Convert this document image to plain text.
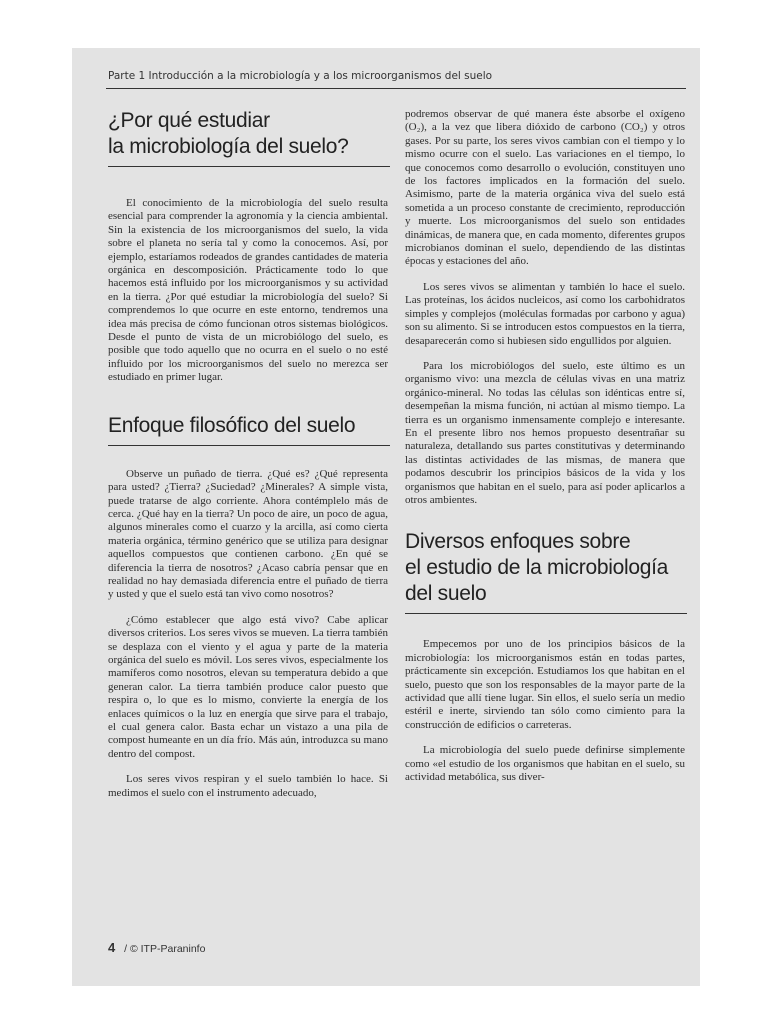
Parte 1 Introducción a la microbiología y a los microorganismos del suelo
¿Por qué estudiar
la microbiología del suelo?

El conocimiento de la microbiología del suelo resulta esencial para comprender la agronomía y la ciencia ambiental. Sin la existencia de los microorganismos del suelo, la vida sobre el planeta no sería tal y como la conocemos. Así, por ejemplo, estaríamos rodeados de grandes cantidades de materia orgánica en descomposición. Prácticamente todo lo que hacemos está influido por los microorganismos y su actividad en la tierra. ¿Por qué estudiar la microbiología del suelo? Si comprendemos lo que ocurre en este entorno, tendremos una idea más precisa de cómo funcionan otros sistemas biológicos. Desde el punto de vista de un microbiólogo del suelo, es posible que todo aquello que no ocurra en el suelo o no esté influido por los microorganismos del suelo no merezca ser estudiado en primer lugar.

Enfoque filosófico del suelo

Observe un puñado de tierra. ¿Qué es? ¿Qué representa para usted? ¿Tierra? ¿Suciedad? ¿Minerales? A simple vista, puede tratarse de algo corriente. Ahora contémplelo más de cerca. ¿Qué hay en la tierra? Un poco de aire, un poco de agua, algunos minerales como el cuarzo y la arcilla, así como cierta materia orgánica, término genérico que se utiliza para designar aquellos compuestos que contienen carbono. ¿En qué se diferencia la tierra de nosotros? ¿Acaso cabría pensar que en realidad no hay demasiada diferencia entre el puñado de tierra y usted y que el suelo está tan vivo como nosotros?

¿Cómo establecer que algo está vivo? Cabe aplicar diversos criterios. Los seres vivos se mueven. La tierra también se desplaza con el viento y el agua y parte de la materia orgánica del suelo es móvil. Los seres vivos, especialmente los mamíferos como nosotros, elevan su temperatura debido a que generan calor. La tierra también produce calor puesto que respira o, lo que es lo mismo, convierte la energía de los enlaces químicos o la luz en energía que sirve para el trabajo, el cual genera calor. Basta echar un vistazo a una pila de compost humeante en un día frío. Más aún, introduzca su mano dentro del compost.

Los seres vivos respiran y el suelo también lo hace. Si medimos el suelo con el instrumento adecuado,

podremos observar de qué manera éste absorbe el oxígeno (O₂), a la vez que libera dióxido de carbono (CO₂) y otros gases. Por su parte, los seres vivos cambian con el tiempo y lo mismo ocurre con el suelo. Las variaciones en el tiempo, lo que conocemos como desarrollo o evolución, constituyen uno de los factores implicados en la formación del suelo. Asimismo, parte de la materia orgánica viva del suelo está sometida a un proceso constante de crecimiento, reproducción y muerte. Los microorganismos del suelo son entidades dinámicas, de manera que, en cada momento, diferentes grupos microbianos dominan el suelo, dependiendo de las distintas épocas y estaciones del año.

Los seres vivos se alimentan y también lo hace el suelo. Las proteínas, los ácidos nucleicos, así como los carbohidratos simples y complejos (moléculas formadas por carbono y agua) son su alimento. Si se introducen estos compuestos en la tierra, desaparecerán como si hubiesen sido engullidos por alguien.

Para los microbiólogos del suelo, este último es un organismo vivo: una mezcla de células vivas en una matriz orgánico-mineral. No todas las células son idénticas entre sí, desempeñan la misma función, ni actúan al mismo tiempo. La tierra es un organismo inmensamente complejo e interesante. En el presente libro nos hemos propuesto desentrañar su naturaleza, detallando sus partes constitutivas y determinando las distintas actividades de las mismas, de manera que podamos descubrir los principios básicos de la vida y los organismos que habitan en el suelo, para así poder aplicarlos a otros ambientes.

Diversos enfoques sobre
el estudio de la microbiología
del suelo

Empecemos por uno de los principios básicos de la microbiología: los microorganismos están en todas partes, prácticamente sin excepción. Estudiamos los que habitan en el suelo, puesto que son los responsables de la mayor parte de la actividad que allí tiene lugar. Sin ellos, el suelo sería un medio estéril e inerte, sirviendo tan sólo como cimiento para la construcción de edificios o carreteras.

La microbiología del suelo puede definirse simplemente como «el estudio de los organismos que habitan en el suelo, su actividad metabólica, sus diver-

4 / © ITP-Paraninfo
